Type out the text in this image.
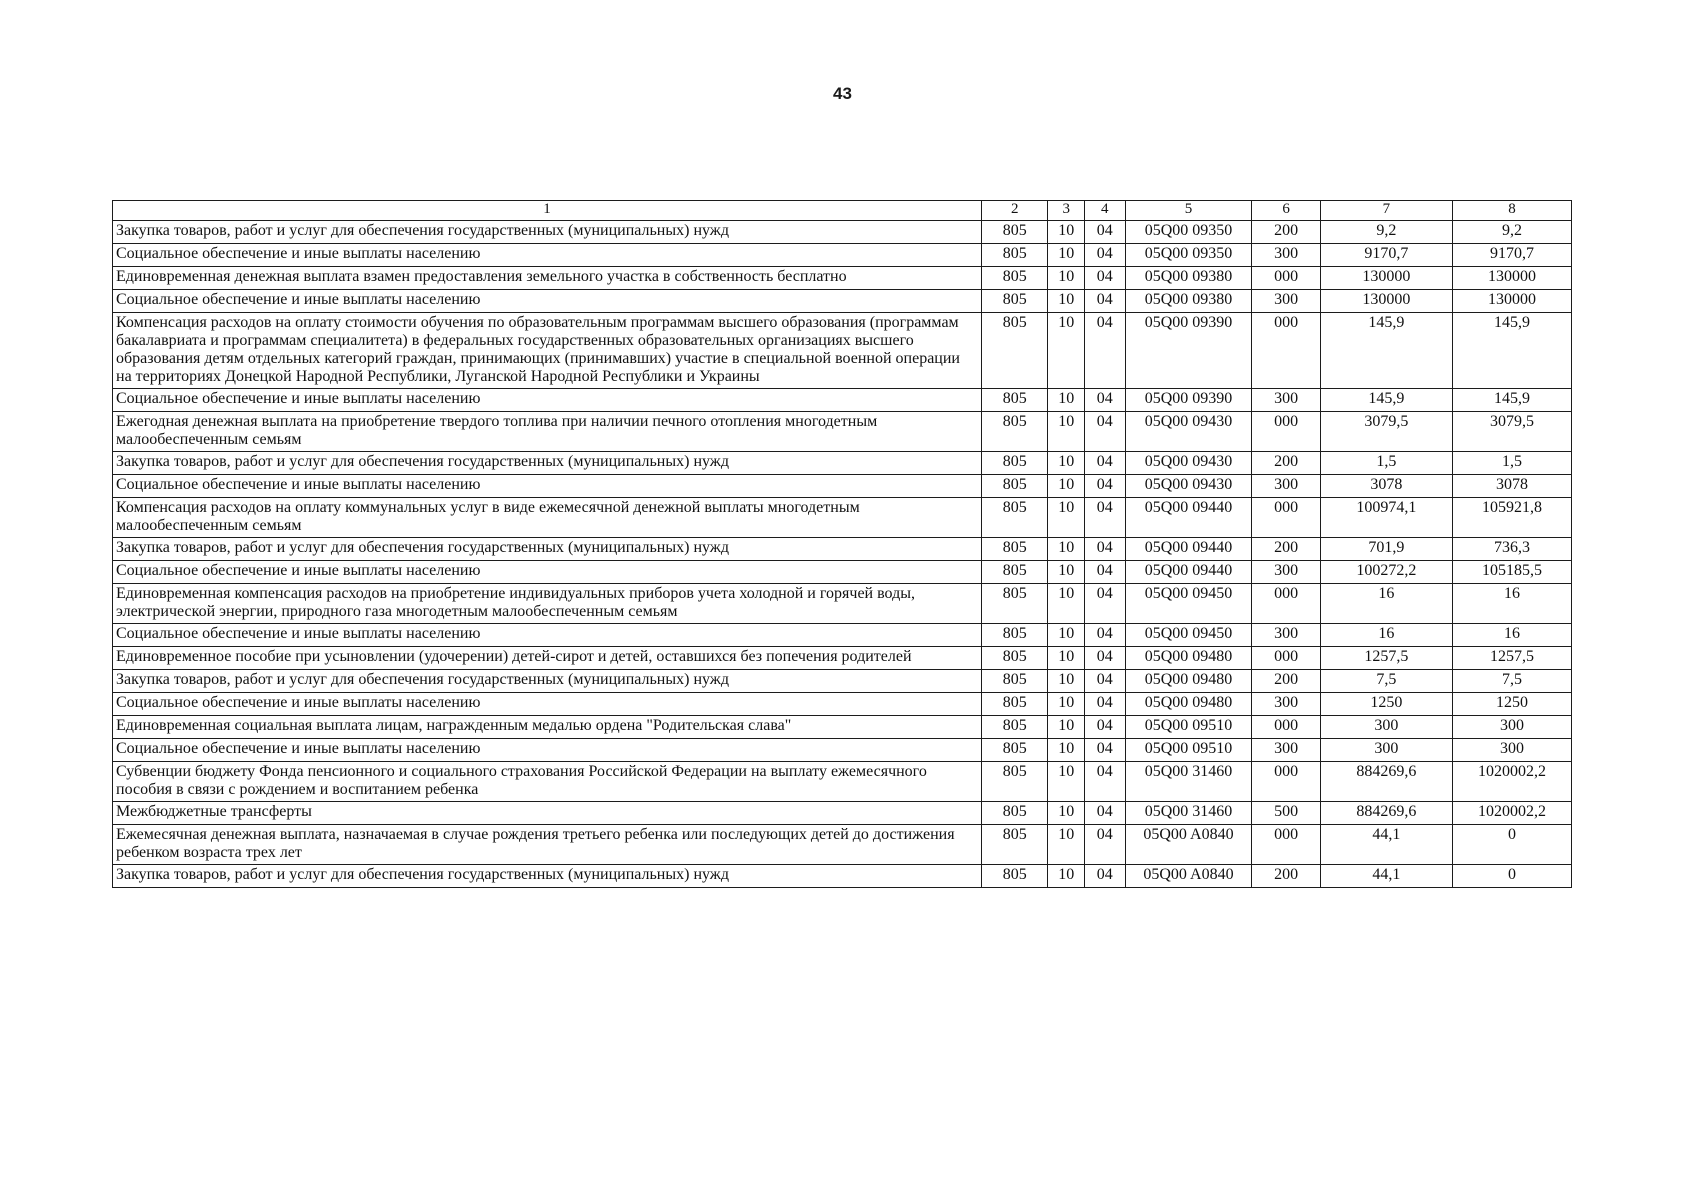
43
1	2	3	4	5	6	7	8
Закупка товаров, работ и услуг для обеспечения государственных (муниципальных) нужд	805	10	04	05Q00 09350	200	9,2	9,2
Социальное обеспечение и иные выплаты населению	805	10	04	05Q00 09350	300	9170,7	9170,7
Единовременная денежная выплата взамен предоставления земельного участка в собственность бесплатно	805	10	04	05Q00 09380	000	130000	130000
Социальное обеспечение и иные выплаты населению	805	10	04	05Q00 09380	300	130000	130000
Компенсация расходов на оплату стоимости обучения по образовательным программам высшего образования (программам бакалавриата и программам специалитета) в федеральных государственных образовательных организациях высшего образования детям отдельных категорий граждан, принимающих (принимавших) участие в специальной военной операции на территориях Донецкой Народной Республики, Луганской Народной Республики и Украины	805	10	04	05Q00 09390	000	145,9	145,9
Социальное обеспечение и иные выплаты населению	805	10	04	05Q00 09390	300	145,9	145,9
Ежегодная денежная выплата на приобретение твердого топлива при наличии печного отопления многодетным малообеспеченным семьям	805	10	04	05Q00 09430	000	3079,5	3079,5
Закупка товаров, работ и услуг для обеспечения государственных (муниципальных) нужд	805	10	04	05Q00 09430	200	1,5	1,5
Социальное обеспечение и иные выплаты населению	805	10	04	05Q00 09430	300	3078	3078
Компенсация расходов на оплату коммунальных услуг в виде ежемесячной денежной выплаты многодетным малообеспеченным семьям	805	10	04	05Q00 09440	000	100974,1	105921,8
Закупка товаров, работ и услуг для обеспечения государственных (муниципальных) нужд	805	10	04	05Q00 09440	200	701,9	736,3
Социальное обеспечение и иные выплаты населению	805	10	04	05Q00 09440	300	100272,2	105185,5
Единовременная компенсация расходов на приобретение индивидуальных приборов учета холодной и горячей воды, электрической энергии, природного газа многодетным малообеспеченным семьям	805	10	04	05Q00 09450	000	16	16
Социальное обеспечение и иные выплаты населению	805	10	04	05Q00 09450	300	16	16
Единовременное пособие при усыновлении (удочерении) детей-сирот и детей, оставшихся без попечения родителей	805	10	04	05Q00 09480	000	1257,5	1257,5
Закупка товаров, работ и услуг для обеспечения государственных (муниципальных) нужд	805	10	04	05Q00 09480	200	7,5	7,5
Социальное обеспечение и иные выплаты населению	805	10	04	05Q00 09480	300	1250	1250
Единовременная социальная выплата лицам, награжденным медалью ордена "Родительская слава"	805	10	04	05Q00 09510	000	300	300
Социальное обеспечение и иные выплаты населению	805	10	04	05Q00 09510	300	300	300
Субвенции бюджету Фонда пенсионного и социального страхования Российской Федерации на выплату ежемесячного пособия в связи с рождением и воспитанием ребенка	805	10	04	05Q00 31460	000	884269,6	1020002,2
Межбюджетные трансферты	805	10	04	05Q00 31460	500	884269,6	1020002,2
Ежемесячная денежная выплата, назначаемая в случае рождения третьего ребенка или последующих детей до достижения ребенком возраста трех лет	805	10	04	05Q00 A0840	000	44,1	0
Закупка товаров, работ и услуг для обеспечения государственных (муниципальных) нужд	805	10	04	05Q00 A0840	200	44,1	0
